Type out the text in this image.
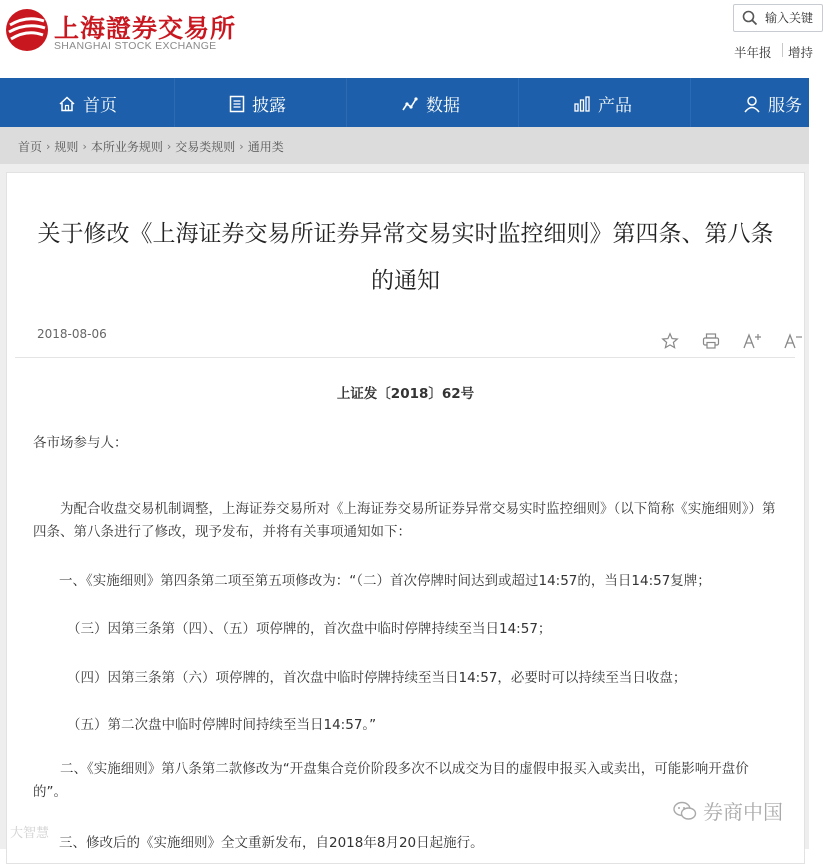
上海證券交易所
SHANGHAI STOCK EXCHANGE
输入关键	半年报 增持
首页	披露	数据	产品	服务
首页 › 规则 › 本所业务规则 › 交易类规则 › 通用类
关于修改《上海证券交易所证券异常交易实时监控细则》第四条、第八条
的通知
2018-08-06
上证发〔2018〕62号
各市场参与人：
为配合收盘交易机制调整，上海证券交易所对《上海证券交易所证券异常交易实时监控细则》（以下简称《实施细则》）第四条、第八条进行了修改，现予发布，并将有关事项通知如下：
一、《实施细则》第四条第二项至第五项修改为：“（二）首次停牌时间达到或超过14:57的，当日14:57复牌；
（三）因第三条第（四）、（五）项停牌的，首次盘中临时停牌持续至当日14:57；
（四）因第三条第（六）项停牌的，首次盘中临时停牌持续至当日14:57，必要时可以持续至当日收盘；
（五）第二次盘中临时停牌时间持续至当日14:57。”
二、《实施细则》第八条第二款修改为“开盘集合竞价阶段多次不以成交为目的虚假申报买入或卖出，可能影响开盘价的”。
三、修改后的《实施细则》全文重新发布，自2018年8月20日起施行。
大智慧
券商中国
